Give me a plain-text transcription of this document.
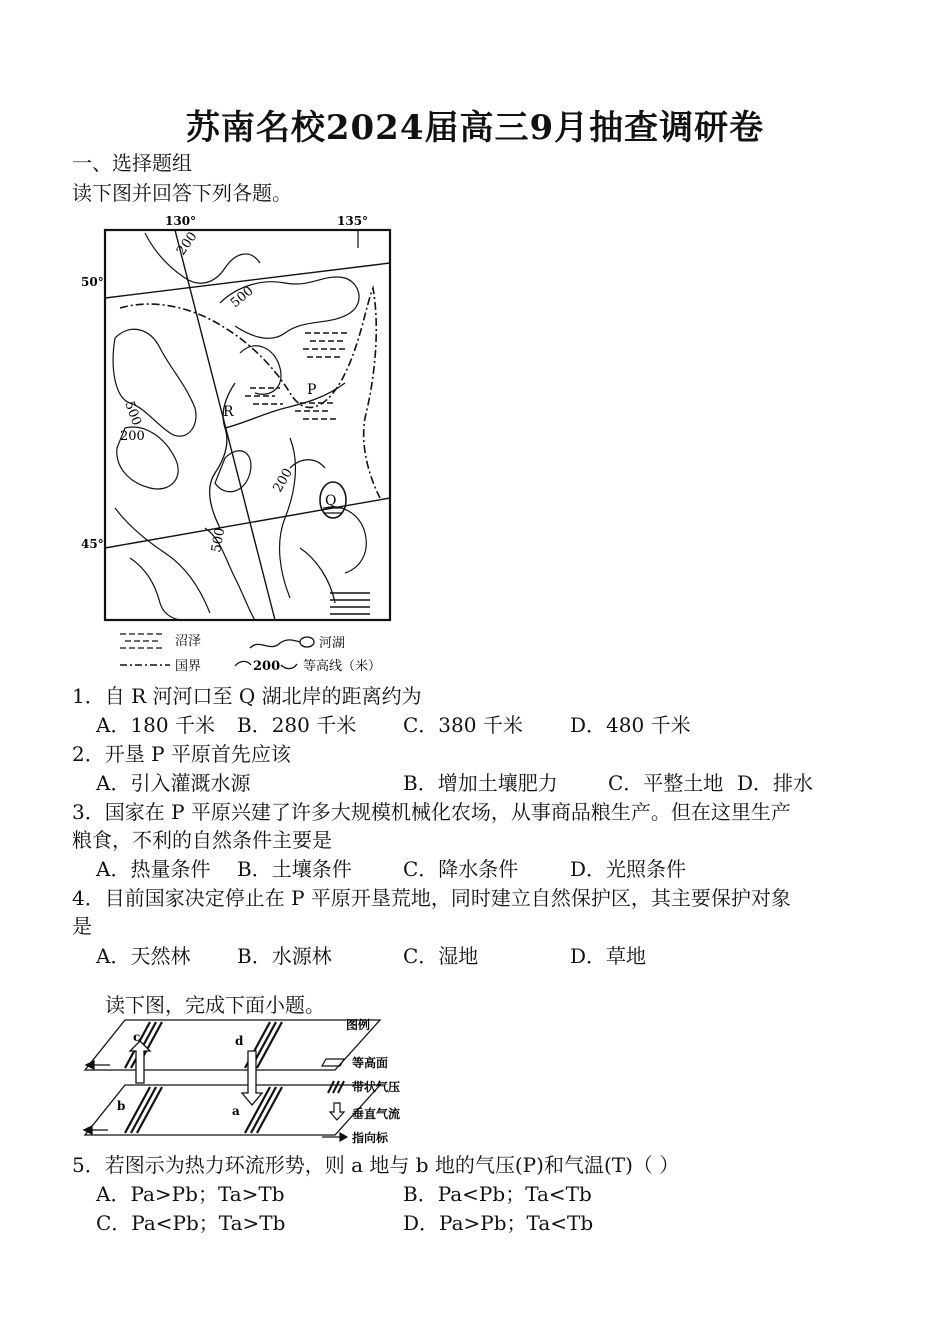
苏南名校2024届高三9月抽查调研卷
一、选择题组
读下图并回答下列各题。
130°	135°
50°
45°
200
500
500
200
200
500
P
R
Q
沼泽	河湖
国界	200 等高线（米）
1．自 R 河河口至 Q 湖北岸的距离约为
A．180 千米 B．280 千米 C．380 千米 D．480 千米
2．开垦 P 平原首先应该
A．引入灌溉水源	B．增加土壤肥力	C．平整土地 D．排水
3．国家在 P 平原兴建了许多大规模机械化农场，从事商品粮生产。但在这里生产
粮食，不利的自然条件主要是
A．热量条件 B．土壤条件	C．降水条件	D．光照条件
4．目前国家决定停止在 P 平原开垦荒地，同时建立自然保护区，其主要保护对象
是
A．天然林 B．水源林	C．湿地	D．草地
读下图，完成下面小题。
c	d
b	a
图例
等高面
带状气压
垂直气流
指向标
5．若图示为热力环流形势，则 a 地与 b 地的气压(P)和气温(T)（ ）
A．Pa>Pb；Ta>Tb	B．Pa<Pb；Ta<Tb
C．Pa<Pb；Ta>Tb	D．Pa>Pb；Ta<Tb
